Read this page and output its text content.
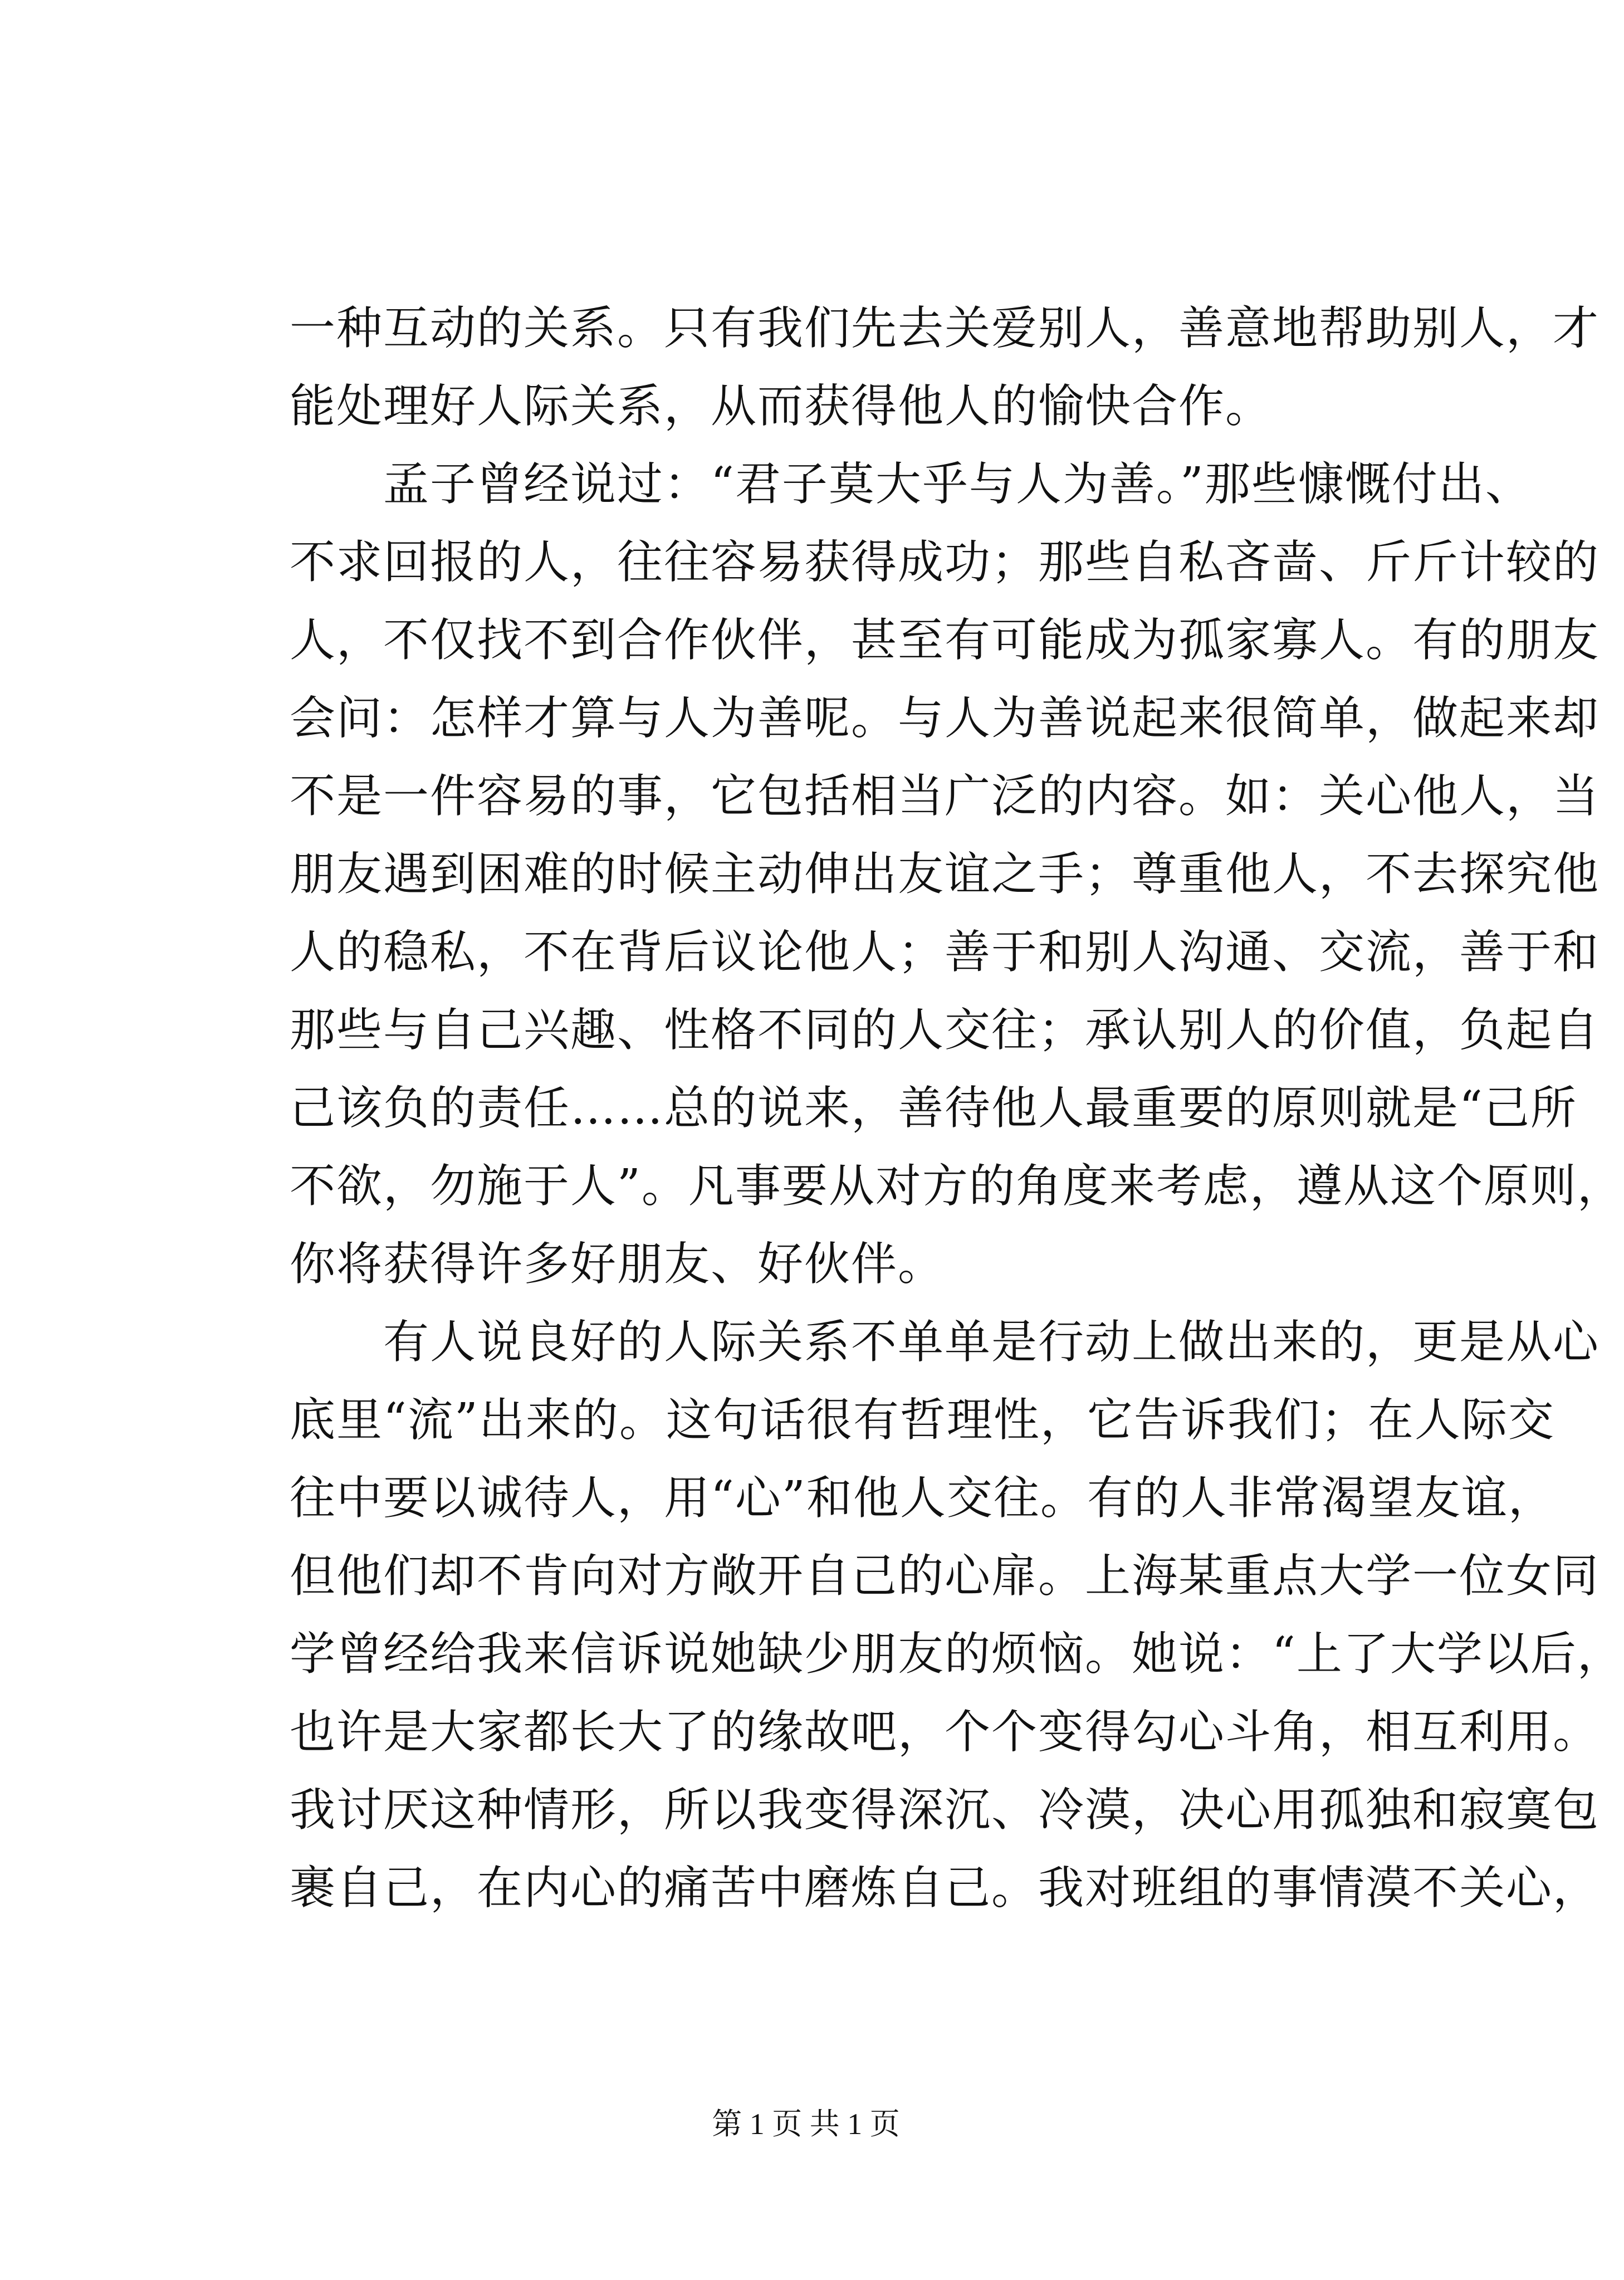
一种互动的关系。只有我们先去关爱别人，善意地帮助别人，才
能处理好人际关系，从而获得他人的愉快合作。
　　孟子曾经说过：“君子莫大乎与人为善。”那些慷慨付出、
不求回报的人，往往容易获得成功；那些自私吝啬、斤斤计较的
人，不仅找不到合作伙伴，甚至有可能成为孤家寡人。有的朋友
会问：怎样才算与人为善呢。与人为善说起来很简单，做起来却
不是一件容易的事，它包括相当广泛的内容。如：关心他人，当
朋友遇到困难的时候主动伸出友谊之手；尊重他人，不去探究他
人的稳私，不在背后议论他人；善于和别人沟通、交流，善于和
那些与自己兴趣、性格不同的人交往；承认别人的价值，负起自
己该负的责任……总的说来，善待他人最重要的原则就是“己所
不欲，勿施于人”。凡事要从对方的角度来考虑，遵从这个原则，
你将获得许多好朋友、好伙伴。
　　有人说良好的人际关系不单单是行动上做出来的，更是从心
底里“流”出来的。这句话很有哲理性，它告诉我们；在人际交
往中要以诚待人，用“心”和他人交往。有的人非常渴望友谊，
但他们却不肯向对方敞开自己的心扉。上海某重点大学一位女同
学曾经给我来信诉说她缺少朋友的烦恼。她说：“上了大学以后，
也许是大家都长大了的缘故吧，个个变得勾心斗角，相互利用。
我讨厌这种情形，所以我变得深沉、冷漠，决心用孤独和寂寞包
裹自己，在内心的痛苦中磨炼自己。我对班组的事情漠不关心，
第 1 页 共 1 页
